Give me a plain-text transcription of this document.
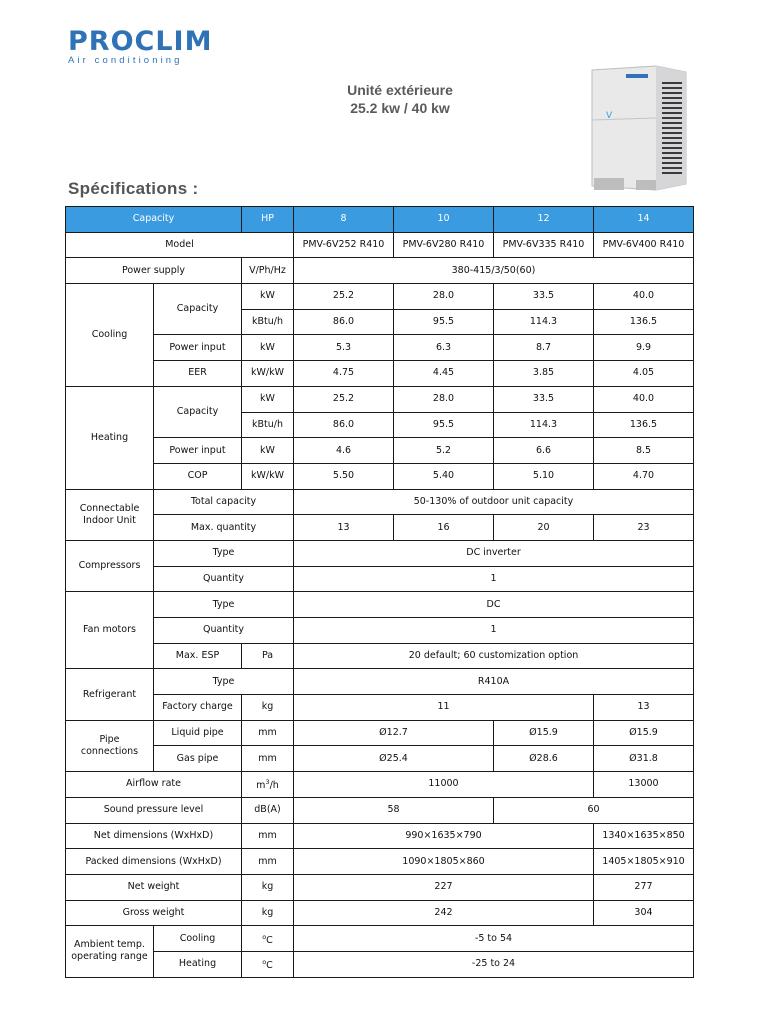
PROCLIM
Air conditioning
Unité extérieure
25.2 kw / 40 kw
Spécifications :
V
Capacity		HP	8	10	12	14
Model			PMV-6V252 R410	PMV-6V280 R410	PMV-6V335 R410	PMV-6V400 R410
Power supply		V/Ph/Hz	380-415/3/50(60)			
Cooling	Capacity	kW	25.2	28.0	33.5	40.0
		kBtu/h	86.0	95.5	114.3	136.5
	Power input	kW	5.3	6.3	8.7	9.9
	EER	kW/kW	4.75	4.45	3.85	4.05
Heating	Capacity	kW	25.2	28.0	33.5	40.0
		kBtu/h	86.0	95.5	114.3	136.5
	Power input	kW	4.6	5.2	6.6	8.5
	COP	kW/kW	5.50	5.40	5.10	4.70
Connectable
Indoor Unit	Total capacity		50-130% of outdoor unit capacity			
	Max. quantity		13	16	20	23
Compressors	Type		DC inverter			
	Quantity		1			
Fan motors	Type		DC			
	Quantity		1			
	Max. ESP	Pa	20 default; 60 customization option			
Refrigerant	Type		R410A			
	Factory charge	kg	11			13
Pipe
connections	Liquid pipe	mm	Ø12.7		Ø15.9	Ø15.9
	Gas pipe	mm	Ø25.4		Ø28.6	Ø31.8
Airflow rate		$m^3/h$	11000			13000
Sound pressure level		dB(A)	58		60	
Net dimensions (WxHxD)		mm	990×1635×790			1340×1635×850
Packed dimensions (WxHxD)		mm	1090×1805×860			1405×1805×910
Net weight		kg	227			277
Gross weight		kg	242			304
Ambient temp.
operating range	Cooling	$^o$C	-5 to 54			
	Heating	$^o$C	-25 to 24			
